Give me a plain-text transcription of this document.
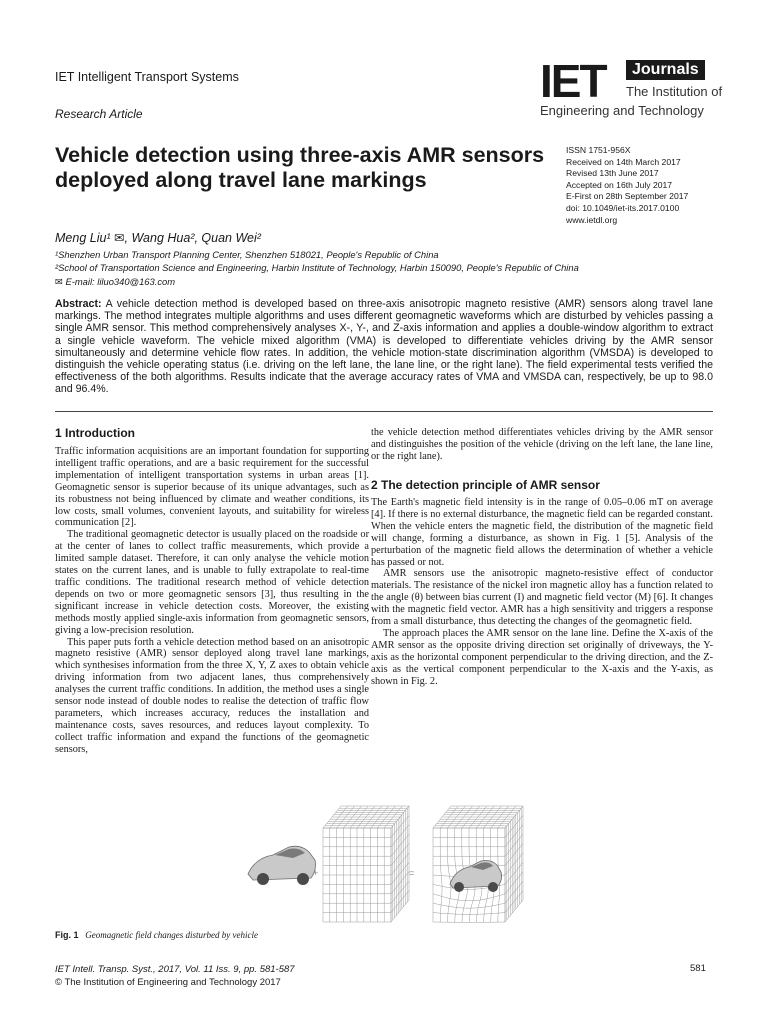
IET Intelligent Transport Systems
Research Article
IET	Journals
The Institution of
Engineering and Technology
Vehicle detection using three-axis AMR sensors deployed along travel lane markings
ISSN 1751-956X
Received on 14th March 2017
Revised 13th June 2017
Accepted on 16th July 2017
E-First on 28th September 2017
doi: 10.1049/iet-its.2017.0100
www.ietdl.org
Meng Liu¹ ✉, Wang Hua², Quan Wei²
¹Shenzhen Urban Transport Planning Center, Shenzhen 518021, People's Republic of China
²School of Transportation Science and Engineering, Harbin Institute of Technology, Harbin 150090, People's Republic of China
✉ E-mail: liluo340@163.com
Abstract: A vehicle detection method is developed based on three-axis anisotropic magneto resistive (AMR) sensors along travel lane markings. The method integrates multiple algorithms and uses different geomagnetic waveforms which are disturbed by vehicles passing a single AMR sensor. This method comprehensively analyses X-, Y-, and Z-axis information and applies a double-window algorithm to extract a single vehicle waveform. The vehicle mixed algorithm (VMA) is developed to differentiate vehicles driving by the AMR sensor simultaneously and determine vehicle flow rates. In addition, the vehicle motion-state discrimination algorithm (VMSDA) is developed to distinguish the vehicle operating status (i.e. driving on the left lane, the lane line, or the right lane). The field experimental tests verified the effectiveness of the both algorithms. Results indicate that the average accuracy rates of VMA and VMSDA can, respectively, be up to 98.0 and 96.4%.
1 Introduction

Traffic information acquisitions are an important foundation for supporting intelligent traffic operations, and are a basic requirement for the successful implementation of intelligent transportation systems in urban areas [1]. Geomagnetic sensor is superior because of its unique advantages, such as its robustness not being influenced by climate and weather conditions, its low costs, small volumes, convenient layouts, and suitability for wireless communication [2].

The traditional geomagnetic detector is usually placed on the roadside or at the center of lanes to collect traffic measurements, which provide a limited sample dataset. Therefore, it can only analyse the vehicle motion states on the current lanes, and is unable to fully extrapolate to real-time traffic conditions. The traditional research method of vehicle detection depends on two or more geomagnetic sensors [3], thus resulting in the significant increase in vehicle detection costs. Moreover, the existing methods mostly applied single-axis information from geomagnetic sensors, giving a low-precision resolution.

This paper puts forth a vehicle detection method based on an anisotropic magneto resistive (AMR) sensor deployed along travel lane markings, which synthesises information from the three X, Y, Z axes to obtain vehicle driving information from two adjacent lanes, thus comprehensively analyses the current traffic conditions. In addition, the method uses a single sensor node instead of double nodes to realise the detection of traffic flow parameters, which increases accuracy, reduces the installation and maintenance costs, saves resources, and reduces layout complexity. To collect traffic information and expand the functions of the geomagnetic sensors,

the vehicle detection method differentiates vehicles driving by the AMR sensor and distinguishes the position of the vehicle (driving on the left lane, the lane line, or the right lane).

2 The detection principle of AMR sensor

The Earth's magnetic field intensity is in the range of 0.05–0.06 mT on average [4]. If there is no external disturbance, the magnetic field can be regarded constant. When the vehicle enters the magnetic field, the distribution of the magnetic field will change, forming a disturbance, as shown in Fig. 1 [5]. Analysis of the perturbation of the magnetic field allows the determination of whether a vehicle has passed or not.

AMR sensors use the anisotropic magneto-resistive effect of conductor materials. The resistance of the nickel iron magnetic alloy has a function related to the angle (θ) between bias current (I) and magnetic field vector (M) [6]. It changes with the magnetic field vector. AMR has a high sensitivity and triggers a response from a small disturbance, thus detecting the changes of the geomagnetic field.

The approach places the AMR sensor on the lane line. Define the X-axis of the AMR sensor as the opposite driving direction set originally of driveways, the Y-axis as the horizontal component perpendicular to the driving direction, and the Z-axis as the vertical component perpendicular to the X-axis and the Y-axis, as shown in Fig. 2.

+	=
Fig. 1 Geomagnetic field changes disturbed by vehicle
IET Intell. Transp. Syst., 2017, Vol. 11 Iss. 9, pp. 581-587
© The Institution of Engineering and Technology 2017
581
